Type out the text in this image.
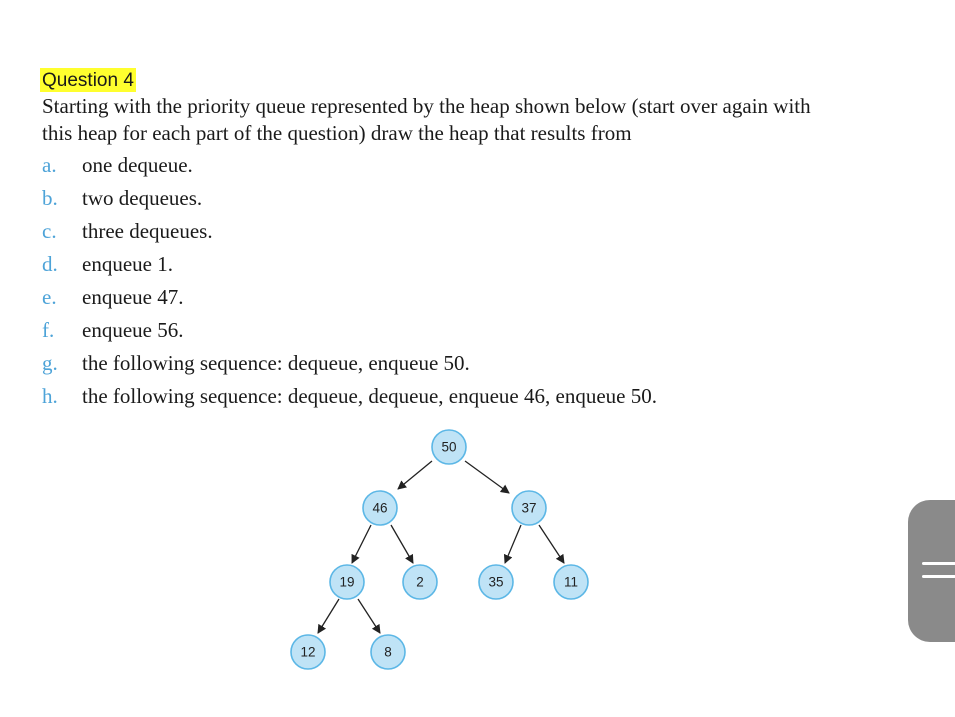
Question 4
Starting with the priority queue represented by the heap shown below (start over again with this heap for each part of the question) draw the heap that results from
a.	one dequeue.
b.	two dequeues.
c.	three dequeues.
d.	enqueue 1.
e.	enqueue 47.
f.	enqueue 56.
g.	the following sequence: dequeue, enqueue 50.
h.	the following sequence: dequeue, dequeue, enqueue 46, enqueue 50.
50
46	37
19	2	35	11
12	8
